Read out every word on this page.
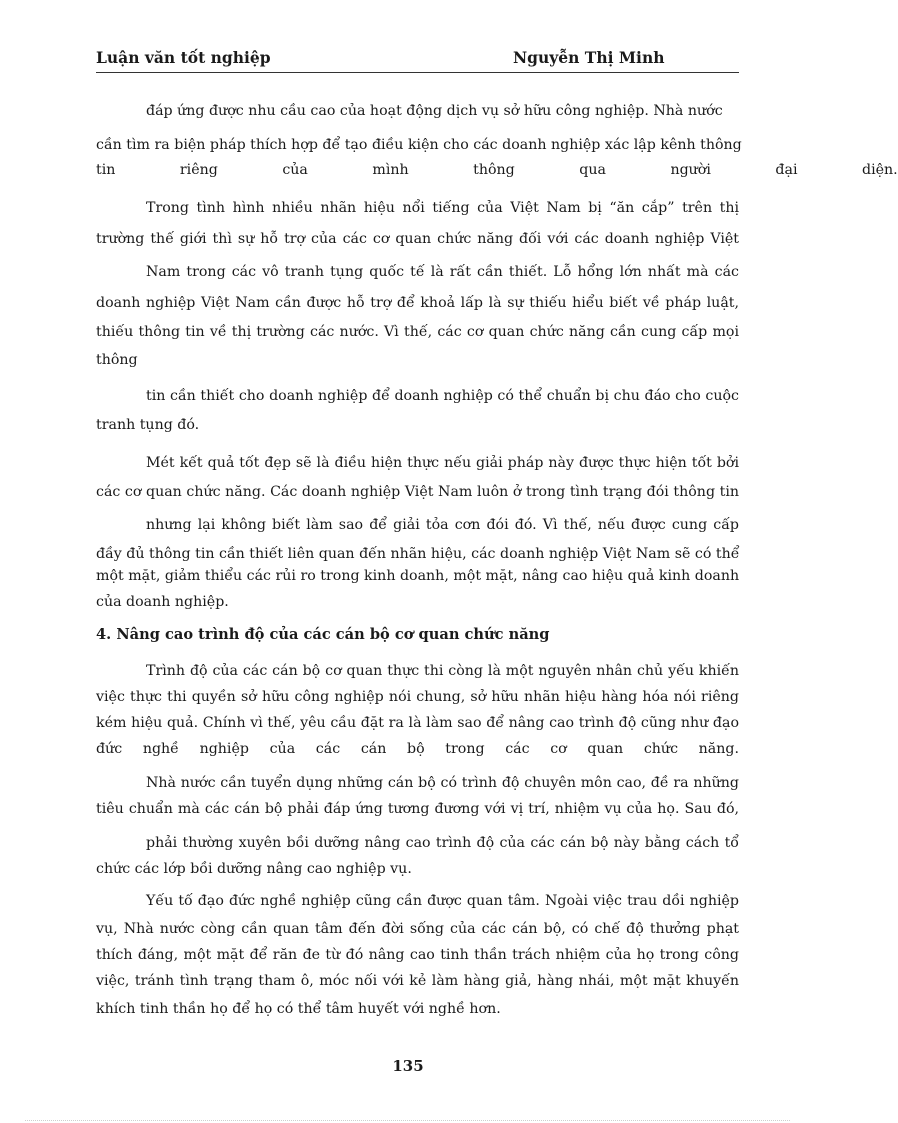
Luận văn tốt nghiệp	Nguyễn Thị Minh
đáp ứng được nhu cầu cao của hoạt động dịch vụ sở hữu công nghiệp. Nhà nước
cần tìm ra biện pháp thích hợp để tạo điều kiện cho các doanh nghiệp xác lập kênh thông
tin riêng của mình thông qua người đại diện.
Trong tình hình nhiều nhãn hiệu nổi tiếng của Việt Nam bị “ăn cắp” trên thị
trường thế giới thì sự hỗ trợ của các cơ quan chức năng đối với các doanh nghiệp Việt
Nam trong các vô tranh tụng quốc tế là rất cần thiết. Lỗ hổng lớn nhất mà các
doanh nghiệp Việt Nam cần được hỗ trợ để khoả lấp là sự thiếu hiểu biết về pháp luật,
thiếu thông tin về thị trường các nước. Vì thế, các cơ quan chức năng cần cung cấp mọi
thông
tin cần thiết cho doanh nghiệp để doanh nghiệp có thể chuẩn bị chu đáo cho cuộc
tranh tụng đó.
Mét kết quả tốt đẹp sẽ là điều hiện thực nếu giải pháp này được thực hiện tốt bởi
các cơ quan chức năng. Các doanh nghiệp Việt Nam luôn ở trong tình trạng đói thông tin
nhưng lại không biết làm sao để giải tỏa cơn đói đó. Vì thế, nếu được cung cấp
đầy đủ thông tin cần thiết liên quan đến nhãn hiệu, các doanh nghiệp Việt Nam sẽ có thể
một mặt, giảm thiểu các rủi ro trong kinh doanh, một mặt, nâng cao hiệu quả kinh doanh
của doanh nghiệp.
4. Nâng cao trình độ của các cán bộ cơ quan chức năng
Trình độ của các cán bộ cơ quan thực thi còng là một nguyên nhân chủ yếu khiến
việc thực thi quyền sở hữu công nghiệp nói chung, sở hữu nhãn hiệu hàng hóa nói riêng
kém hiệu quả. Chính vì thế, yêu cầu đặt ra là làm sao để nâng cao trình độ cũng như đạo
đức nghề nghiệp của các cán bộ trong các cơ quan chức năng.
Nhà nước cần tuyển dụng những cán bộ có trình độ chuyên môn cao, đề ra những
tiêu chuẩn mà các cán bộ phải đáp ứng tương đương với vị trí, nhiệm vụ của họ. Sau đó,
phải thường xuyên bồi dưỡng nâng cao trình độ của các cán bộ này bằng cách tổ
chức các lớp bồi dưỡng nâng cao nghiệp vụ.
Yếu tố đạo đức nghề nghiệp cũng cần được quan tâm. Ngoài việc trau dồi nghiệp
vụ, Nhà nước còng cần quan tâm đến đời sống của các cán bộ, có chế độ thưởng phạt
thích đáng, một mặt để răn đe từ đó nâng cao tinh thần trách nhiệm của họ trong công
việc, tránh tình trạng tham ô, móc nối với kẻ làm hàng giả, hàng nhái, một mặt khuyến
khích tinh thần họ để họ có thể tâm huyết với nghề hơn.
135
